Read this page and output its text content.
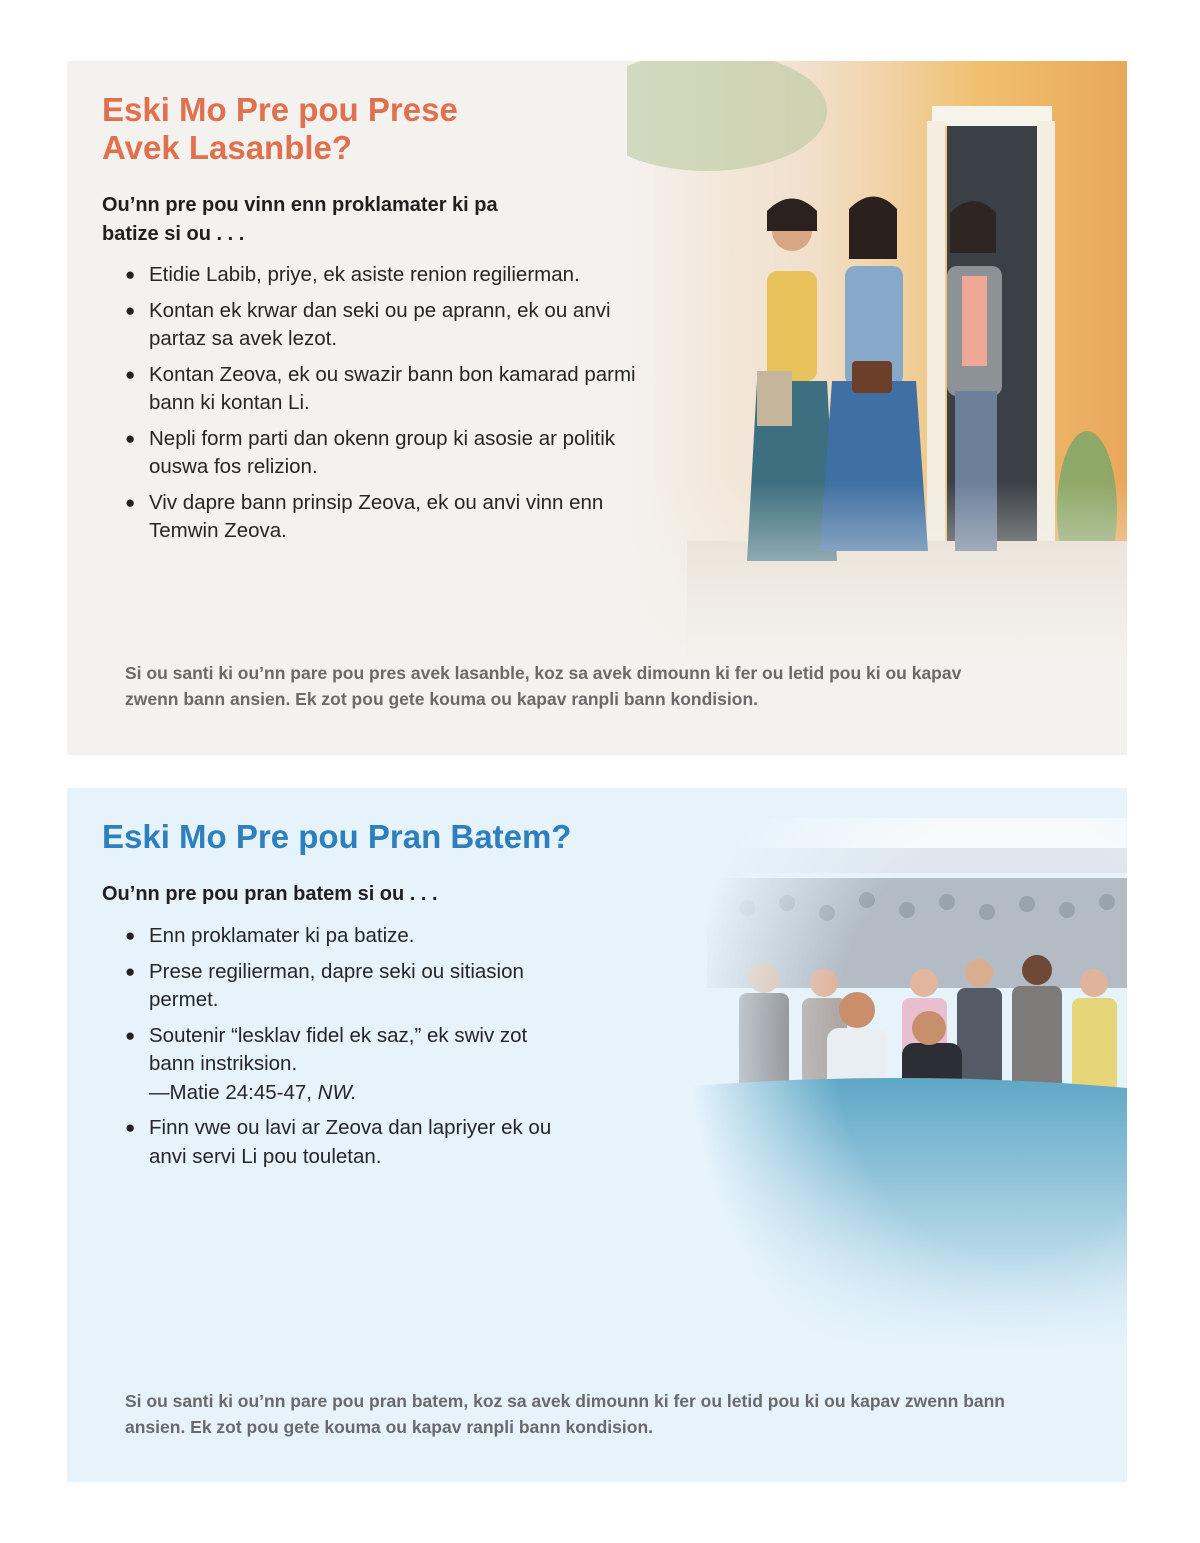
Eski Mo Pre pou Prese Avek Lasanble?

Ou’nn pre pou vinn enn proklamater ki pa batize si ou . . .

● Etidie Labib, priye, ek asiste renion regilierman.
● Kontan ek krwar dan seki ou pe aprann, ek ou anvi partaz sa avek lezot.
● Kontan Zeova, ek ou swazir bann bon kamarad parmi bann ki kontan Li.
● Nepli form parti dan okenn group ki asosie ar politik ouswa fos relizion.
● Viv dapre bann prinsip Zeova, ek ou anvi vinn enn Temwin Zeova.

Si ou santi ki ou’nn pare pou pres avek lasanble, koz sa avek dimounn ki fer ou letid pou ki ou kapav zwenn bann ansien. Ek zot pou gete kouma ou kapav ranpli bann kondision.

Eski Mo Pre pou Pran Batem?

Ou’nn pre pou pran batem si ou . . .

● Enn proklamater ki pa batize.
● Prese regilierman, dapre seki ou sitiasion permet.
● Soutenir “lesklav fidel ek saz,” ek swiv zot bann instriksion.
—Matie 24:45-47, NW.
● Finn vwe ou lavi ar Zeova dan lapriyer ek ou anvi servi Li pou touletan.

Si ou santi ki ou’nn pare pou pran batem, koz sa avek dimounn ki fer ou letid pou ki ou kapav zwenn bann ansien. Ek zot pou gete kouma ou kapav ranpli bann kondision.
